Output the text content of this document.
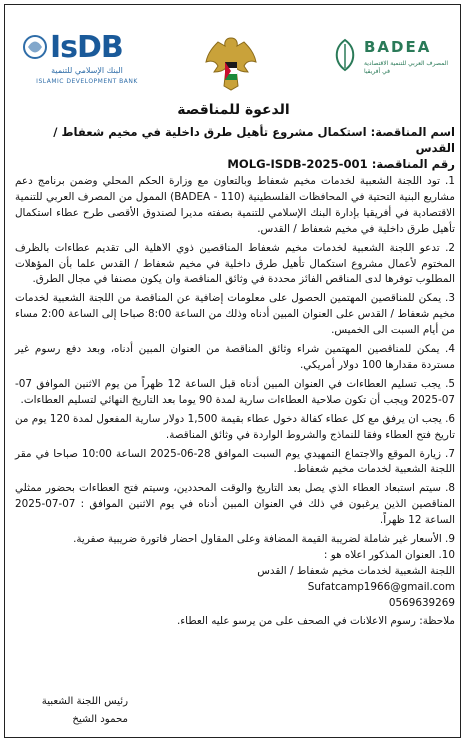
IsDB
البنك الإسلامي للتنمية
ISLAMIC DEVELOPMENT BANK
BADEA
المصرف العربي للتنمية الاقتصادية في أفريقيا
الدعوة للمناقصة
اسم المناقصة: استكمال مشروع تأهيل طرق داخلية في مخيم شعفاط / القدس
رقم المناقصة: MOLG-ISDB-2025-001
1. تود اللجنة الشعبية لخدمات مخيم شعفاط وبالتعاون مع وزارة الحكم المحلي وضمن برنامج دعم مشاريع البنية التحتية في المحافظات الفلسطينية (110 - BADEA) الممول من المصرف العربي للتنمية الاقتصادية في أفريقيا بإدارة البنك الإسلامي للتنمية بصفته مديرا لصندوق الأقصى طرح عطاء استكمال تأهيل طرق داخلية في مخيم شعفاط / القدس.
2. تدعو اللجنة الشعبية لخدمات مخيم شعفاط المناقصين ذوي الاهلية الى تقديم عطاءات بالظرف المختوم لأعمال مشروع استكمال تأهيل طرق داخلية في مخيم شعفاط / القدس علما بأن المؤهلات المطلوب توفرها لدى المناقص الفائز محددة في وثائق المناقصة وان يكون مصنفا في مجال الطرق.
3. يمكن للمناقصين المهتمين الحصول على معلومات إضافية عن المناقصة من اللجنة الشعبية لخدمات مخيم شعفاط / القدس على العنوان المبين أدناه وذلك من الساعة 8:00 صباحا إلى الساعة 2:00 مساء من أيام السبت الى الخميس.
4. يمكن للمناقصين المهتمين شراء وثائق المناقصة من العنوان المبين أدناه، وبعد دفع رسوم غير مستردة مقدارها 100 دولار أمريكي.
5. يجب تسليم العطاءات في العنوان المبين أدناه قبل الساعة 12 ظهراً من يوم الاثنين الموافق 07-07-2025 ويجب أن تكون صلاحية العطاءات سارية لمدة 90 يوما بعد التاريخ النهائي لتسليم العطاءات.
6. يجب ان يرفق مع كل عطاء كفالة دخول عطاء بقيمة 1,500 دولار سارية المفعول لمدة 120 يوم من تاريخ فتح العطاء وفقا للنماذج والشروط الواردة في وثائق المناقصة.
7. زيارة الموقع والاجتماع التمهيدي يوم السبت الموافق 28-06-2025 الساعة 10:00 صباحا في مقر اللجنة الشعبية لخدمات مخيم شعفاط.
8. سيتم استبعاد العطاء الذي يصل بعد التاريخ والوقت المحددين، وسيتم فتح العطاءات بحضور ممثلي المناقصين الذين يرغبون في ذلك في العنوان المبين أدناه في يوم الاثنين الموافق : 07-07-2025 الساعة 12 ظهراً.
9. الأسعار غير شاملة لضريبة القيمة المضافة وعلى المقاول احضار فاتورة ضريبية صفرية.
10. العنوان المذكور اعلاه هو :
اللجنة الشعبية لخدمات مخيم شعفاط / القدس
Sufatcamp1966@gmail.com
0569639269
ملاحظة: رسوم الاعلانات في الصحف على من يرسو عليه العطاء.
رئيس اللجنة الشعبية
محمود الشيخ
